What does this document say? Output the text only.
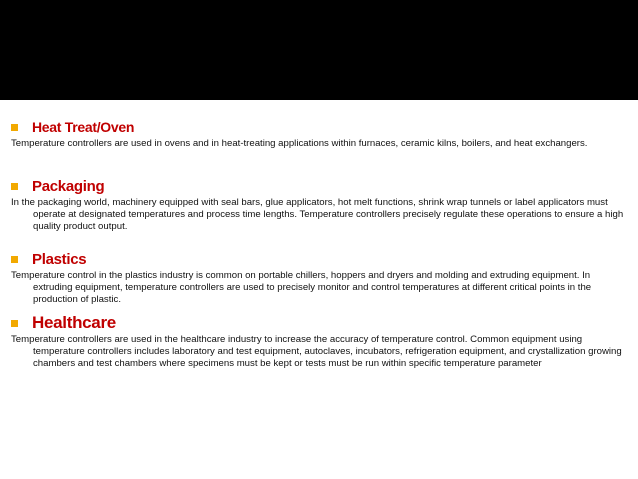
Heat Treat/Oven

Temperature controllers are used in ovens and in heat-treating applications within furnaces, ceramic kilns, boilers, and heat exchangers.

Packaging

In the packaging world, machinery equipped with seal bars, glue applicators, hot melt functions, shrink wrap tunnels or label applicators must operate at designated temperatures and process time lengths. Temperature controllers precisely regulate these operations to ensure a high quality product output.

Plastics

Temperature control in the plastics industry is common on portable chillers, hoppers and dryers and molding and extruding equipment. In extruding equipment, temperature controllers are used to precisely monitor and control temperatures at different critical points in the production of plastic.

Healthcare

Temperature controllers are used in the healthcare industry to increase the accuracy of temperature control. Common equipment using temperature controllers includes laboratory and test equipment, autoclaves, incubators, refrigeration equipment, and crystallization growing chambers and test chambers where specimens must be kept or tests must be run within specific temperature parameter
